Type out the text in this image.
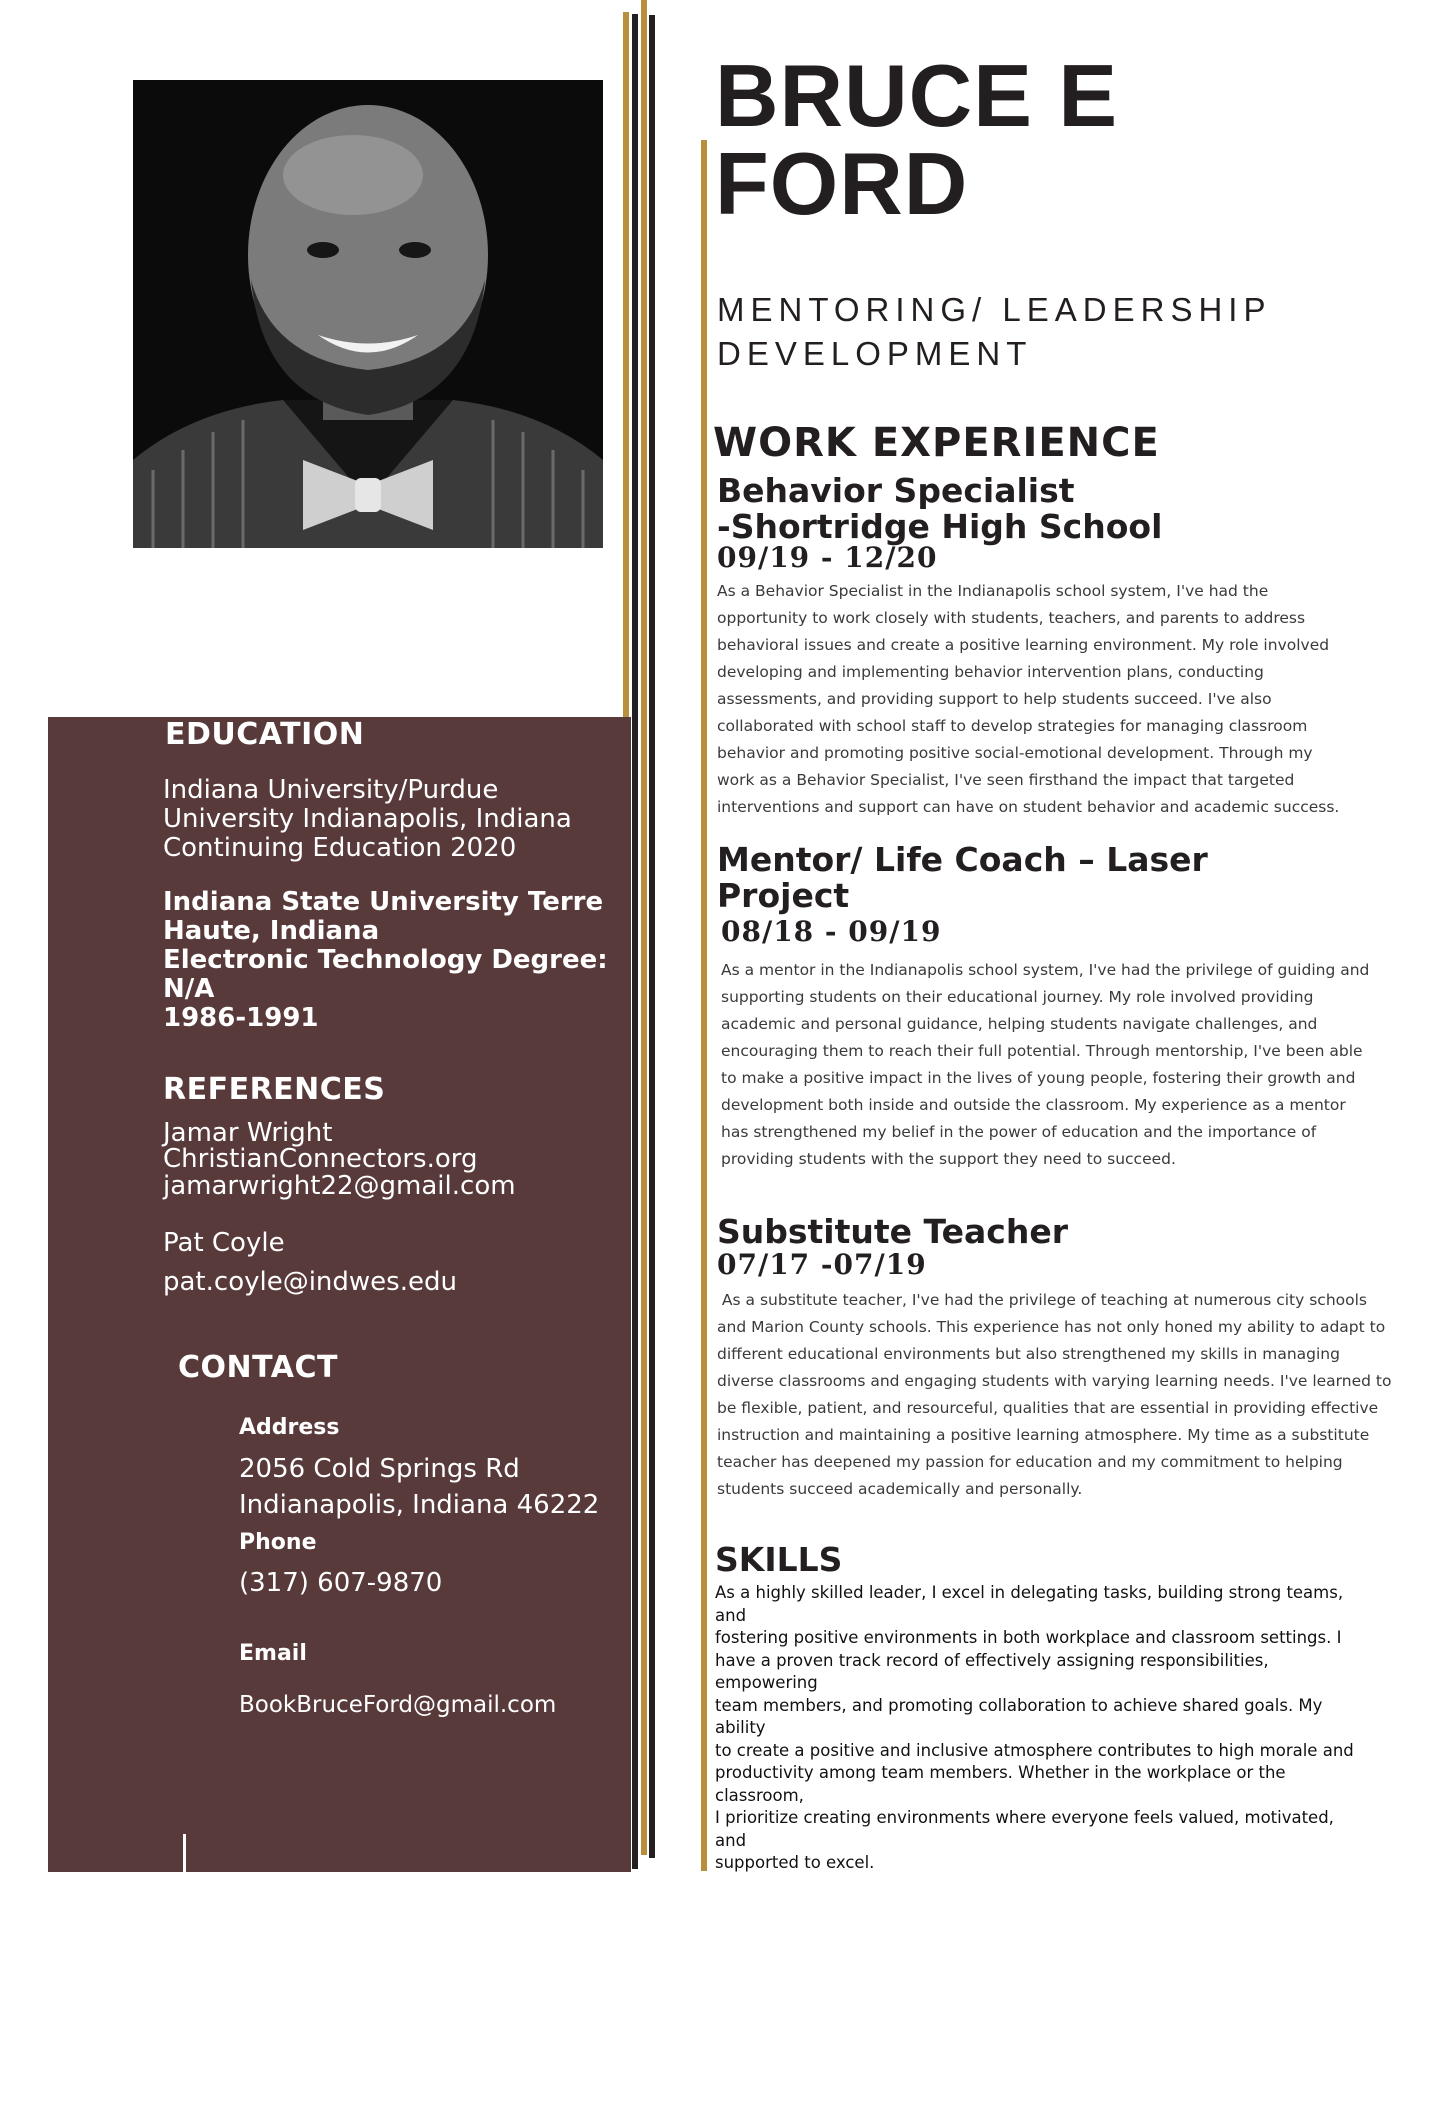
EDUCATION
Indiana University/Purdue
University Indianapolis, Indiana
Continuing Education 2020
Indiana State University Terre
Haute, Indiana
Electronic Technology Degree:
N/A
1986-1991
REFERENCES
Jamar Wright
ChristianConnectors.org
jamarwright22@gmail.com
Pat Coyle
pat.coyle@indwes.edu
CONTACT
Address
2056 Cold Springs Rd
Indianapolis, Indiana 46222
Phone
(317) 607-9870
Email
BookBruceFord@gmail.com
BRUCE E
FORD
MENTORING/ LEADERSHIP
DEVELOPMENT
WORK EXPERIENCE
Behavior Specialist
-Shortridge High School
09/19 - 12/20
As a Behavior Specialist in the Indianapolis school system, I've had the
opportunity to work closely with students, teachers, and parents to address
behavioral issues and create a positive learning environment. My role involved
developing and implementing behavior intervention plans, conducting
assessments, and providing support to help students succeed. I've also
collaborated with school staff to develop strategies for managing classroom
behavior and promoting positive social-emotional development. Through my
work as a Behavior Specialist, I've seen firsthand the impact that targeted
interventions and support can have on student behavior and academic success.
Mentor/ Life Coach – Laser
Project
08/18 - 09/19
As a mentor in the Indianapolis school system, I've had the privilege of guiding and
supporting students on their educational journey. My role involved providing
academic and personal guidance, helping students navigate challenges, and
encouraging them to reach their full potential. Through mentorship, I've been able
to make a positive impact in the lives of young people, fostering their growth and
development both inside and outside the classroom. My experience as a mentor
has strengthened my belief in the power of education and the importance of
providing students with the support they need to succeed.
Substitute Teacher
07/17 -07/19
As a substitute teacher, I've had the privilege of teaching at numerous city schools
and Marion County schools. This experience has not only honed my ability to adapt to
different educational environments but also strengthened my skills in managing
diverse classrooms and engaging students with varying learning needs. I've learned to
be flexible, patient, and resourceful, qualities that are essential in providing effective
instruction and maintaining a positive learning atmosphere. My time as a substitute
teacher has deepened my passion for education and my commitment to helping
students succeed academically and personally.
SKILLS
As a highly skilled leader, I excel in delegating tasks, building strong teams, and
fostering positive environments in both workplace and classroom settings. I
have a proven track record of effectively assigning responsibilities, empowering
team members, and promoting collaboration to achieve shared goals. My ability
to create a positive and inclusive atmosphere contributes to high morale and
productivity among team members. Whether in the workplace or the classroom,
I prioritize creating environments where everyone feels valued, motivated, and
supported to excel.
